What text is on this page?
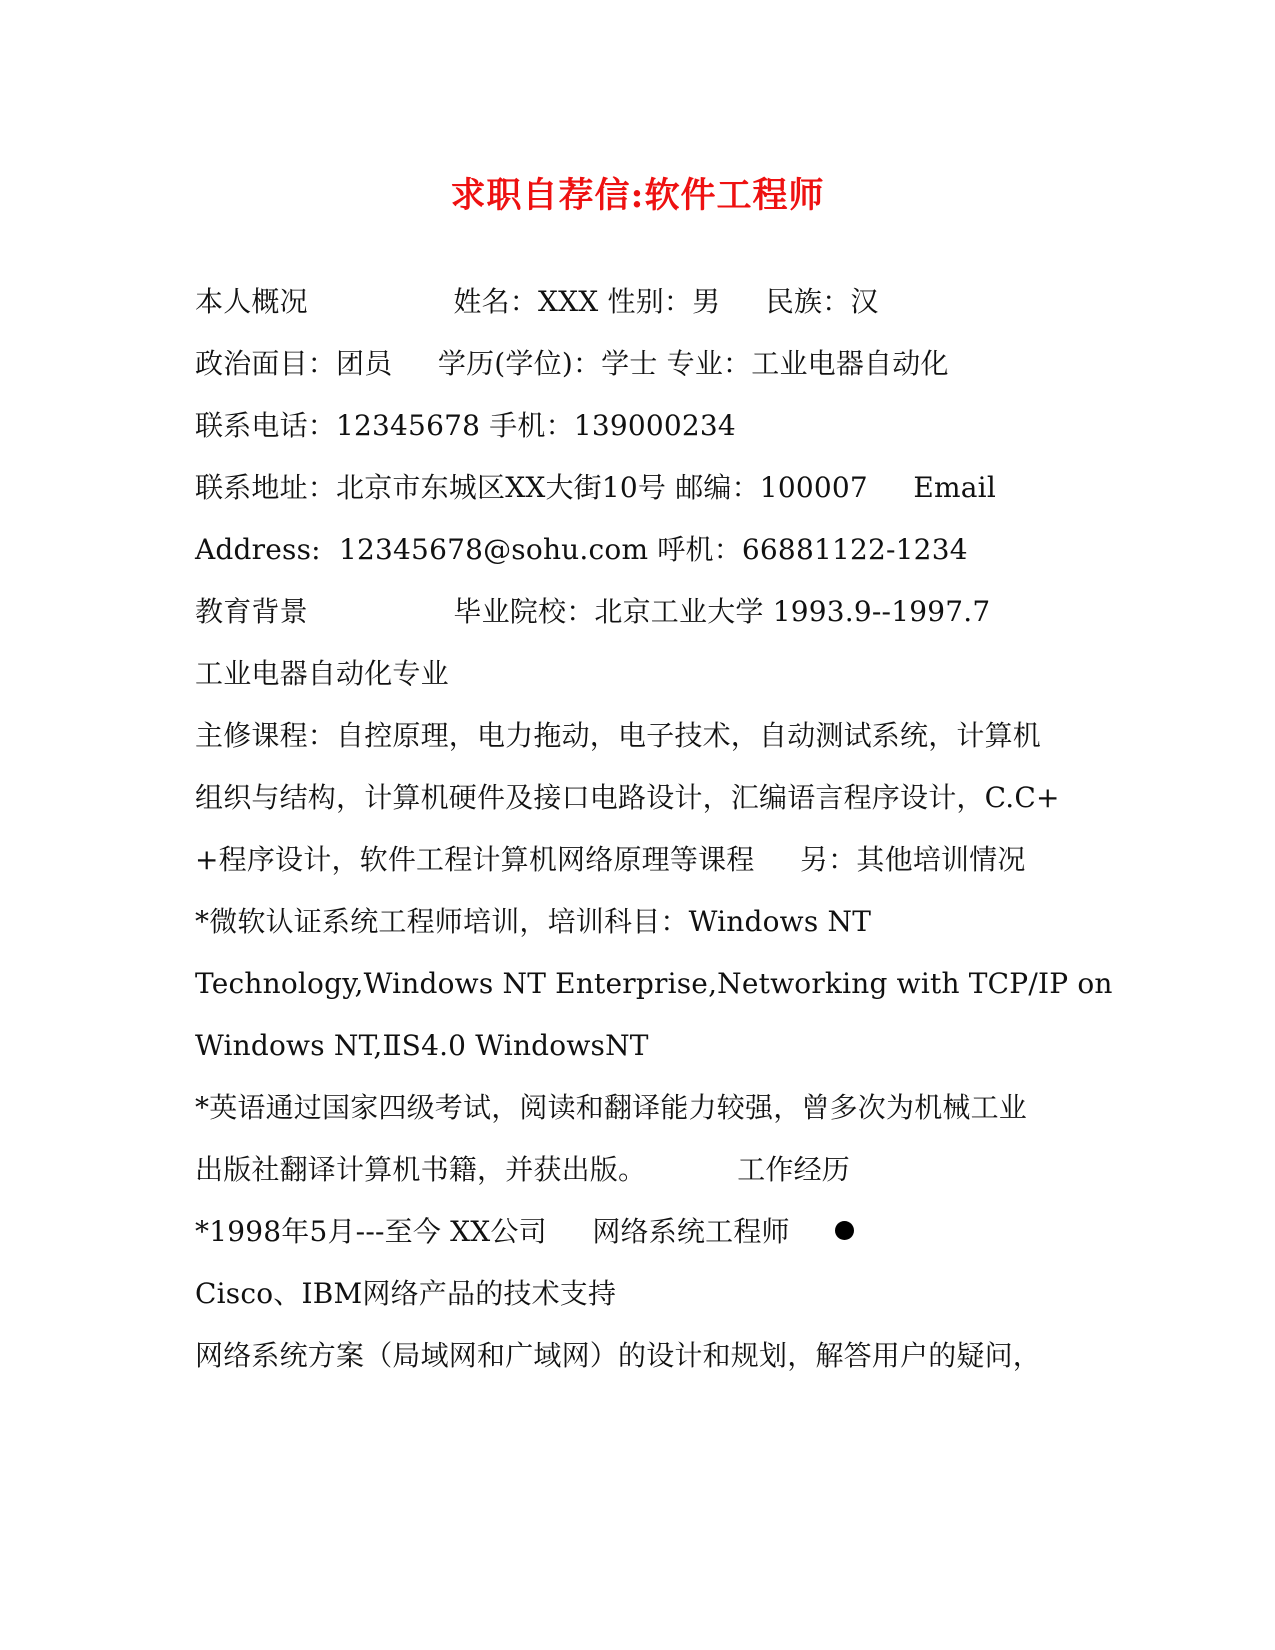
求职自荐信:软件工程师
本人概况                姓名：XXX 性别：男     民族：汉
政治面目：团员     学历(学位)：学士 专业：工业电器自动化
联系电话：12345678 手机：139000234
联系地址：北京市东城区XX大街10号 邮编：100007     Email
Address:  12345678@sohu.com 呼机：66881122-1234
教育背景                毕业院校：北京工业大学 1993.9--1997.7
工业电器自动化专业
主修课程：自控原理，电力拖动，电子技术，自动测试系统，计算机
组织与结构，计算机硬件及接口电路设计，汇编语言程序设计，C.C+
+程序设计，软件工程计算机网络原理等课程     另：其他培训情况
*微软认证系统工程师培训，培训科目：Windows NT
Technology,Windows NT Enterprise,Networking with TCP/IP on
Windows NT,ⅡS4.0 WindowsNT
*英语通过国家四级考试，阅读和翻译能力较强，曾多次为机械工业
出版社翻译计算机书籍，并获出版。          工作经历
*1998年5月---至今 XX公司     网络系统工程师
Cisco、IBM网络产品的技术支持
网络系统方案（局域网和广域网）的设计和规划，解答用户的疑问，
